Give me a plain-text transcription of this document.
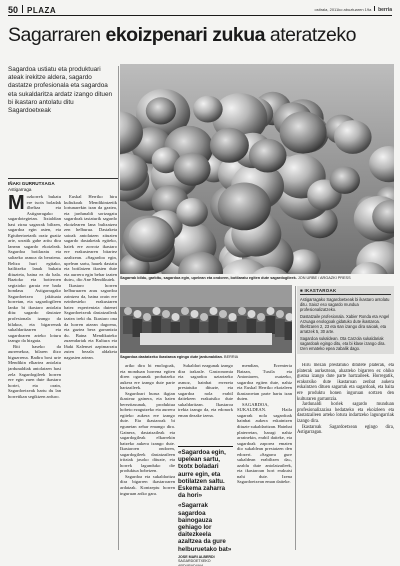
50 PLAZA	ostirala, 2011ko abuztuaren 19a berria
Sagarraren ekoizpenari zukua ateratzeko
Sagardoa ustiatu eta produktuari ateak irekitze aldera, sagardo dastatze profesionala eta sagardoa eta sukaldaritza ardatz izango dituen bi ikastaro antolatu ditu Sagardoetxeak
IÑAKI GURRUTXAGA
Astigarraga
M ozkorrek bukatu ere txotx boladak ilbeltza eta Astigarragako sagardotegietan. Itxialdian hasi zirau sagarrak biltzen, sagardoa egin asten, eta Egiubertoetarik oraiz guztiz arte, urratik gabe aritu dira lanean sagardo ekoizleak. Sagardoa botilaratu eta saltzeko asmoa da beraiena. Beltza huri egitako, bailitzeko lanak bukatu dituzteta, baina ez da bala. Bazioko eta botteroen segizioko garaia ere bada hondasu Astigarragako Sagardoetxea jakituaia horretan, eta sagardogileen lanko bi ikastaro antolatu ditu: sagardo dastatze profesionala izango da bilakoa, eta bigarrenak sukaldaritzaren eta sagardoaren arteko loturu izango da hizgaia.

Biti haseko da aurrenekoa, bilaren iltzo biguzrrena. Badira bost urte Mendikin elkartea antolatu jardunaldiak antolatzen hasi zela Sagardogileek horren ere egin zuen dute ikastaro horiei, eta orain, Sagardoetxeak hartu du lan horretikan segiktzen arduro.

Euskal Herriko hiru kultukoak Mendikintzetik lortunarekin izan da gaztea, eta jardunaldi sortzagatu sagardoak tastaturik sagardo ekoizlearen lana bultzatzea zen helburua. Dastaketa saioak antolatzen zituzten sagardo dastaketak egiteko, haiek ere zorrotz ikastaro ere erakustearen bitartez azaltzean. «Sagardoa egin, upelean sartu, hauek dastatu eta botilatzen ikasten dute eta aurrera egin behar izaten dute», dio Ane Mendikutek.

Ikastaro horren helburuaren arau sagardoa zaintzea da, baina orain ere ezinbesteko erakustaren batez esperientzia dutenei Sagardoetxeak dastatzaileak izatea ireki du. Ikastaro ona da horren atzean dagoena, eta gaztea bera garrantzia du. Baina Mendikuteko zuzendariak eta Kultura eta Iñaki Kalensei azpimarratu zuten bezala aldaketa nagusien artean.

Sagarrak bildu, garbitu, sagardoa egin, upelean eta ondoren, botilaratu egiten dute sagardogileek. JON URBE / ARGAZKI PRESS
Sagardoa dastatzeko ikastaroa egingo dute jardunaldian. BERRIA

ariko dira bi enologoak, eta monduan horrena egiten diren ogasunak probatzeko aukera ere izango dute parte hartzaileek.

Sagardoari buruz ikgtan ikasteaz gainera, eta haien berezitasunak, produktua hobeto ezagutzeko eta aurrera egiteko aukera ere izango dute. Eta ikastaroak bi egunetan zehar emango dira. Gainera, dastatzaileak eta sagardogileak elkarrekin batzeko aukera izango dute. Ikastaroen ondoren, sagardogileek dastatzaileen iritziak jasoko dituzte, eta horrek lagunduko die produktua hobetzen.

Sagardoa eta sukaldaritza dira bigarren ikastaroaren ardatzak. Kontzeptu horren inguruan ariko gara.

Sukaldari ezagunak izango dira irakasle. Gastronomia eta sagardoa uztartzeko asmoz, hainbat errezeta prestatuko dituzte, eta sagardoa nola erabil daitekeen erakutsiko dute sukaldaritzan. Ikastaroa irekia izango da, eta edonork eman dezake izena.

mendian, Errenteria Batzan, Tuxila eta Antoniaren, osatzeko, sagardoa egiten dute, nahiz eta Euskal Herriko ekoizleen ikastaroetan parte hartu izan duten.

SAGARDOA, SUKALDEAN. Haila sagarrak nola sagardoak hainbat aukera eskaintzen dituzte sukaldaritzan. Hainbat platerretan, haragi nahiz arrainekin, erabil daiteke, eta sagardoak zaporea ematen dio sukaldean prestatzen den edozeri. «Sagarra gure sukaldean erabiltzen da», azaldu dute antolatzaileek, eta ikastaroan hori erakutsi nahi dute. Izena Sagardoetxean eman daiteke.

«Sagardoa egin, upelean sartu, txotx boladari aurre egin, eta botilatzen saltu. Eskema zaharra da hori»
«Sagarrak sagardoa bainogauza gehiago lor daitezkeela azaltzea da gure helburuetako bat»
JOSE MARI ALBERDI
SAGARDOETXEKO ARDURADUNA
■ IKASTAROAK

Astigarragako Sagardoetxeak bi ikastaro antolatu ditu. Saioz eso sagardo mundua profesionalizatzeko.

Dastatzaile profesionala. Xabier Ronda eta Angel Arzuaga enologoak gidatuko dute ikastaroa. Ilbeltzaren 2, 23 eta 6an izango dira saioak, eta arratzek 5, 30 arte.

Sagardoa sukaldean. Ota Carzola sukaldariak sagardoak egingo ditu, eta bi klase izango dira. Izen emateko epea zabalik dago.

Hiru mezan prestatuko ditutete platerak, eta platerak aurkeztean, ahazteko bigarren ez ohiko gustua izango dute parte hartzaileek. Horregatik, erakutsiko dute ikastaroan zenbat aukera eskaintzen dituen sagarrak eta sagardoak, eta baita ere produktu honen inguruan sortzen den kulturaren garrantzia.

Jardunaldi horiek sagardo munduan profesionalizazioa hedatzeko eta ekoizleen eta dastatzaileen arteko lotura indartzeko lagungarriak izango dira.

Ikastaroak Sagardoetxean egingo dira, Astigarragan.
